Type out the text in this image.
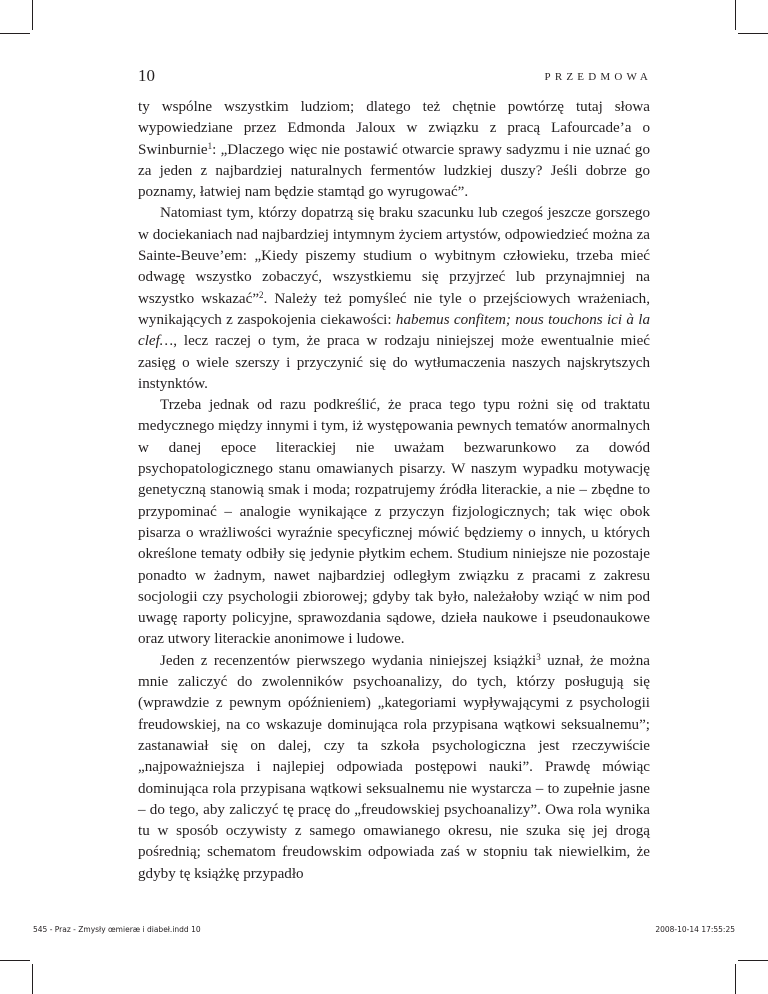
10	PRZEDMOWA

ty wspólne wszystkim ludziom; dlatego też chętnie powtórzę tutaj słowa wypowiedziane przez Edmonda Jaloux w związku z pracą Lafourcade’a o Swinburnie$^1$: „Dlaczego więc nie postawić otwarcie sprawy sadyzmu i nie uznać go za jeden z najbardziej naturalnych fermentów ludzkiej duszy? Jeśli dobrze go poznamy, łatwiej nam będzie stamtąd go wyrugować”.

Natomiast tym, którzy dopatrzą się braku szacunku lub czegoś jeszcze gorszego w dociekaniach nad najbardziej intymnym życiem artystów, odpowiedzieć można za Sainte-Beuve’em: „Kiedy piszemy studium o wybitnym człowieku, trzeba mieć odwagę wszystko zobaczyć, wszystkiemu się przyjrzeć lub przynajmniej na wszystko wskazać”$^2$. Należy też pomyśleć nie tyle o przejściowych wrażeniach, wynikających z zaspokojenia ciekawości: habemus confitem; nous touchons ici à la clef…, lecz raczej o tym, że praca w rodzaju niniejszej może ewentualnie mieć zasięg o wiele szerszy i przyczynić się do wytłumaczenia naszych najskrytszych instynktów.

Trzeba jednak od razu podkreślić, że praca tego typu rożni się od traktatu medycznego między innymi i tym, iż występowania pewnych tematów anormalnych w danej epoce literackiej nie uważam bezwarunkowo za dowód psychopatologicznego stanu omawianych pisarzy. W naszym wypadku motywację genetyczną stanowią smak i moda; rozpatrujemy źródła literackie, a nie – zbędne to przypominać – analogie wynikające z przyczyn fizjologicznych; tak więc obok pisarza o wrażliwości wyraźnie specyficznej mówić będziemy o innych, u których określone tematy odbiły się jedynie płytkim echem. Studium niniejsze nie pozostaje ponadto w żadnym, nawet najbardziej odległym związku z pracami z zakresu socjologii czy psychologii zbiorowej; gdyby tak było, należałoby wziąć w nim pod uwagę raporty policyjne, sprawozdania sądowe, dzieła naukowe i pseudonaukowe oraz utwory literackie anonimowe i ludowe.

Jeden z recenzentów pierwszego wydania niniejszej książki$^3$ uznał, że można mnie zaliczyć do zwolenników psychoanalizy, do tych, którzy posługują się (wprawdzie z pewnym opóźnieniem) „kategoriami wypływającymi z psychologii freudowskiej, na co wskazuje dominująca rola przypisana wątkowi seksualnemu”; zastanawiał się on dalej, czy ta szkoła psychologiczna jest rzeczywiście „najpoważniejsza i najlepiej odpowiada postępowi nauki”. Prawdę mówiąc dominująca rola przypisana wątkowi seksualnemu nie wystarcza – to zupełnie jasne – do tego, aby zaliczyć tę pracę do „freudowskiej psychoanalizy”. Owa rola wynika tu w sposób oczywisty z samego omawianego okresu, nie szuka się jej drogą pośrednią; schematom freudowskim odpowiada zaś w stopniu tak niewielkim, że gdyby tę książkę przypadło

545 - Praz - Zmysły œmieræ i diabeł.indd 10	2008-10-14 17:55:25
